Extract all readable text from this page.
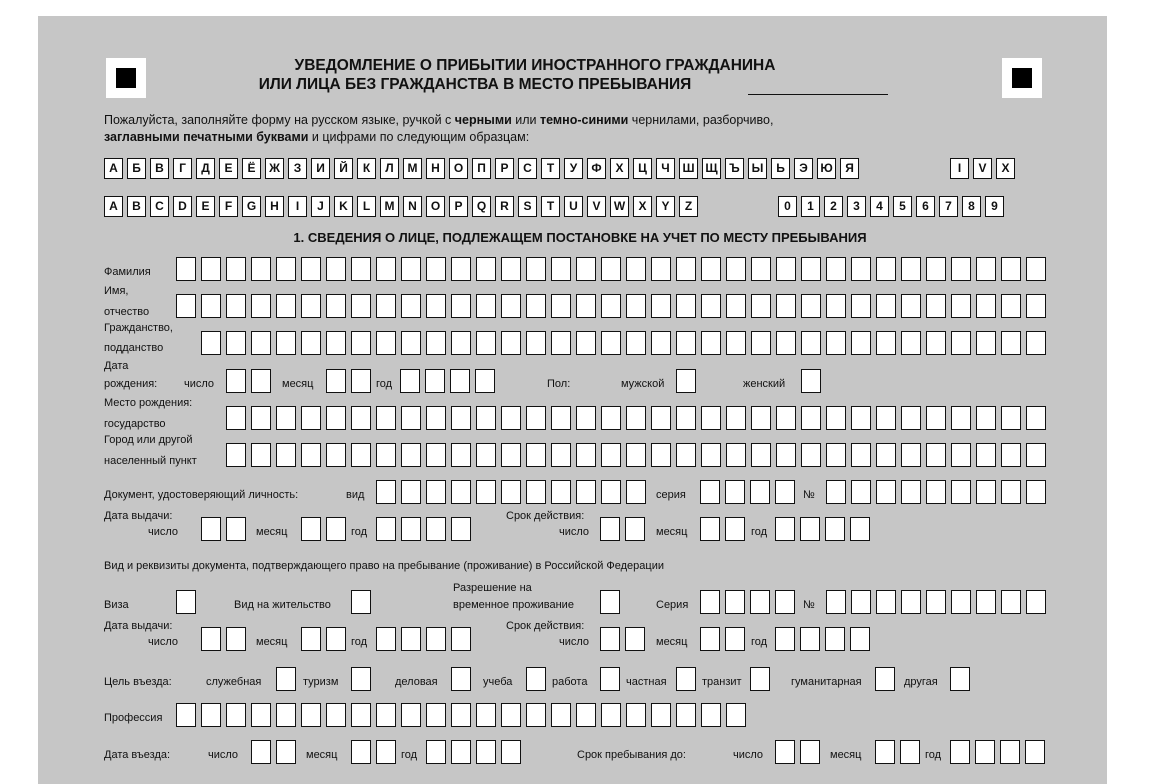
УВЕДОМЛЕНИЕ О ПРИБЫТИИ ИНОСТРАННОГО ГРАЖДАНИНА
ИЛИ ЛИЦА БЕЗ ГРАЖДАНСТВА В МЕСТО ПРЕБЫВАНИЯ
Пожалуйста, заполняйте форму на русском языке, ручкой с черными или темно-синими чернилами, разборчиво,
заглавными печатными буквами и цифрами по следующим образцам:
А	Б	В	Г	Д	Е	Ё	Ж	З	И	Й	К	Л	М	Н	О	П	Р	С	Т	У	Ф	Х	Ц	Ч	Ш Щ Ъ Ы	Ь	Э	Ю	Я	I	V	X
A	B	C	D	E	F	G	H	I	J	K	L	M	N	O	P	Q	R	S	T	U	V	W	X	Y	Z	0	1	2	3	4	5	6	7	8	9
1. СВЕДЕНИЯ О ЛИЦЕ, ПОДЛЕЖАЩЕМ ПОСТАНОВКЕ НА УЧЕТ ПО МЕСТУ ПРЕБЫВАНИЯ
Фамилия
Имя,
отчество
Гражданство,
подданство
Дата
рождения: число	месяц	год	Пол:	мужской	женский
Место рождения:
государство
Город или другой
населенный пункт
Документ, удостоверяющий личность:	вид	серия	№
Дата выдачи:
число	месяц	год
Срок действия:
число	месяц	год
Вид и реквизиты документа, подтверждающего право на пребывание (проживание) в Российской Федерации
Виза	Вид на жительство
Разрешение на
временное проживание	Серия	№
Дата выдачи:
число	месяц	год
Срок действия:
число	месяц	год
Цель въезда:	служебная	туризм	деловая	учеба	работа	частная	транзит	гуманитарная	другая
Профессия
Дата въезда:	число	месяц	год	Срок пребывания до:	число	месяц	год
